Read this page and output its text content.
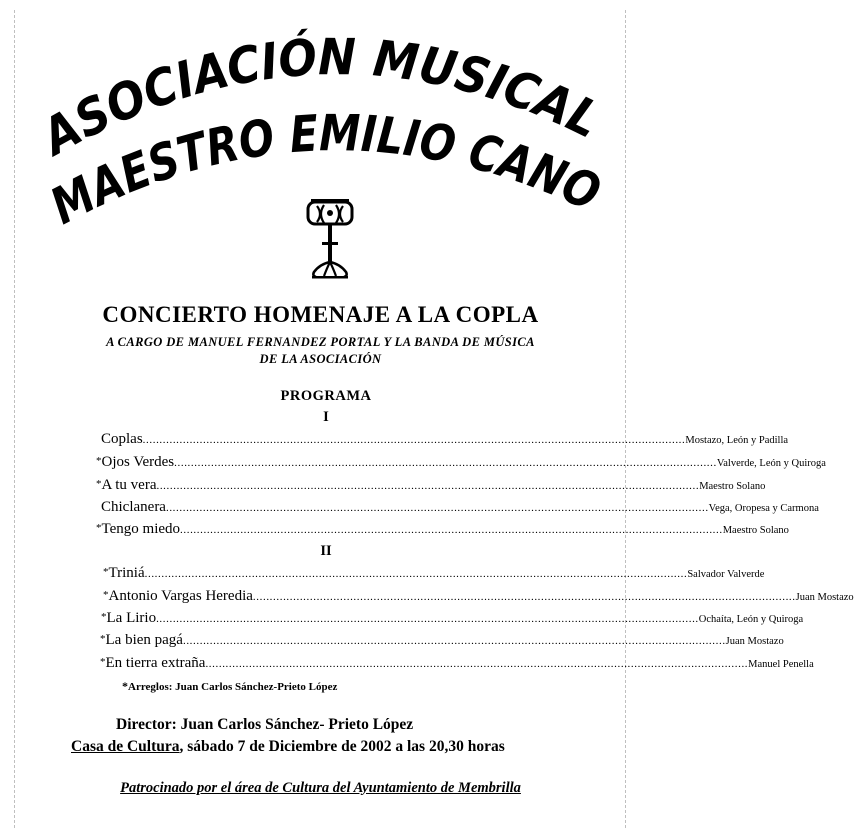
ASOCIACIÓN MUSICAL
MAESTRO EMILIO CANO
CONCIERTO HOMENAJE A LA COPLA
A CARGO DE MANUEL FERNANDEZ PORTAL Y LA BANDA DE MÚSICA
DE LA ASOCIACIÓN
PROGRAMA
I
II
Coplas .................................................................................................................................................................. Mostazo, León y Padilla
* Ojos Verdes .................................................................................................................................................................. Valverde, León y Quiroga
* A tu vera .................................................................................................................................................................. Maestro Solano
Chiclanera .................................................................................................................................................................. Vega, Oropesa y Carmona
* Tengo miedo .................................................................................................................................................................. Maestro Solano
* Triniá .................................................................................................................................................................. Salvador Valverde
* Antonio Vargas Heredia .................................................................................................................................................................. Juan Mostazo
* La Lirio .................................................................................................................................................................. Ochaíta, León y Quiroga
* La bien pagá .................................................................................................................................................................. Juan Mostazo
* En tierra extraña .................................................................................................................................................................. Manuel Penella
*Arreglos: Juan Carlos Sánchez-Prieto López
Director: Juan Carlos Sánchez- Prieto López
Casa de Cultura, sábado 7 de Diciembre de 2002 a las 20,30 horas
Patrocinado por el área de Cultura del Ayuntamiento de Membrilla
